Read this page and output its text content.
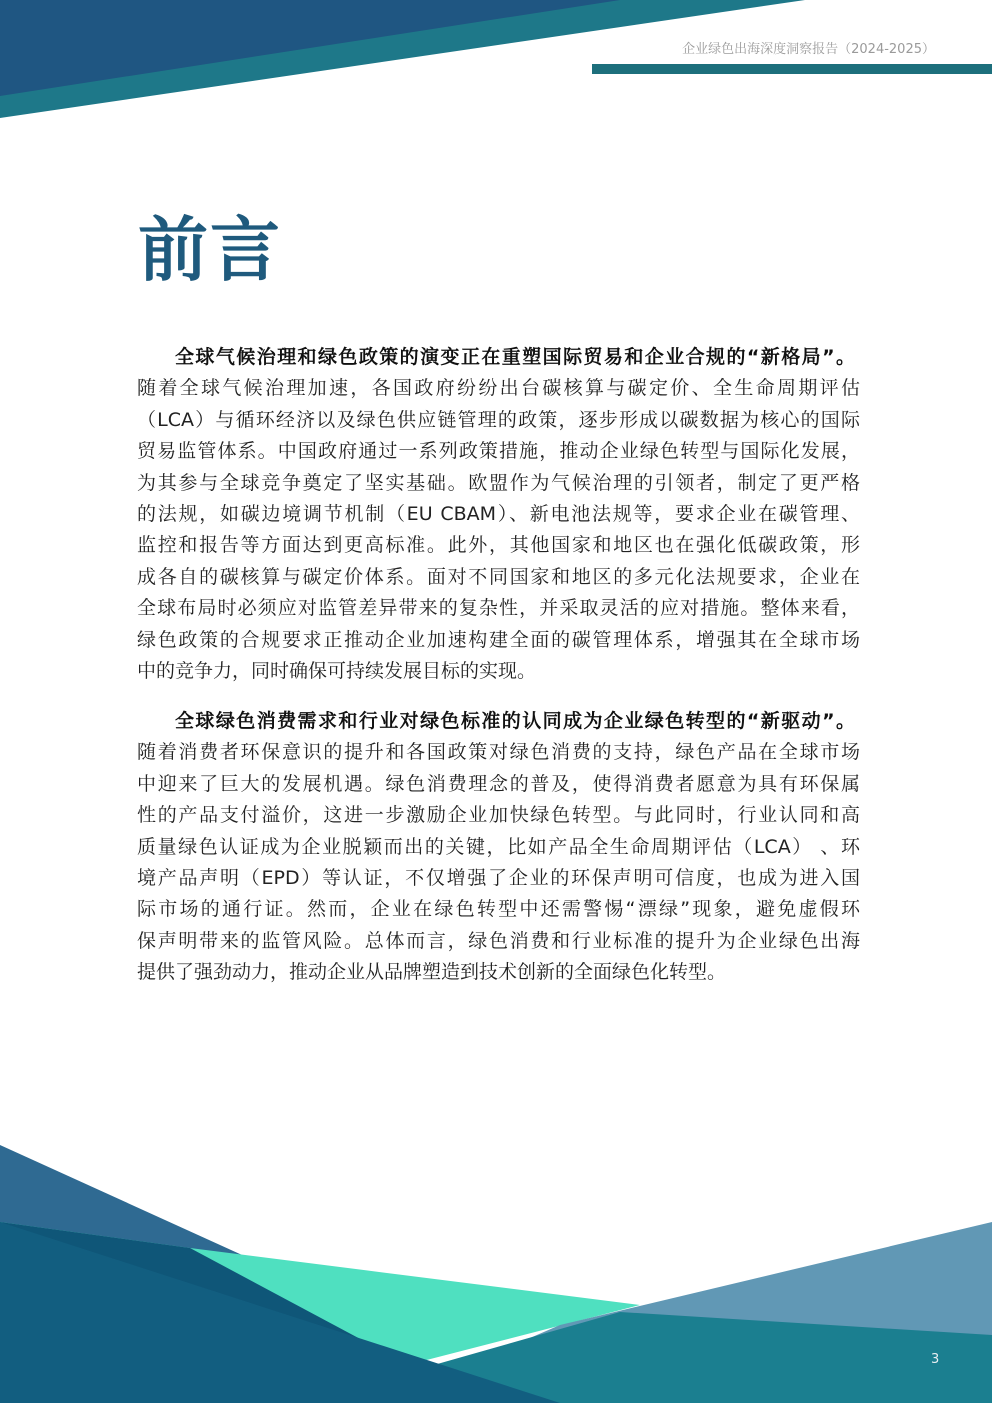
企业绿色出海深度洞察报告（2024-2025）
前言
全球气候治理和绿色政策的演变正在重塑国际贸易和企业合规的“新格局”。
随着全球气候治理加速，各国政府纷纷出台碳核算与碳定价、全生命周期评估
（LCA）与循环经济以及绿色供应链管理的政策，逐步形成以碳数据为核心的国际
贸易监管体系。中国政府通过一系列政策措施，推动企业绿色转型与国际化发展，
为其参与全球竞争奠定了坚实基础。欧盟作为气候治理的引领者，制定了更严格
的法规，如碳边境调节机制（EU CBAM）、新电池法规等，要求企业在碳管理、
监控和报告等方面达到更高标准。此外，其他国家和地区也在强化低碳政策，形
成各自的碳核算与碳定价体系。面对不同国家和地区的多元化法规要求，企业在
全球布局时必须应对监管差异带来的复杂性，并采取灵活的应对措施。整体来看，
绿色政策的合规要求正推动企业加速构建全面的碳管理体系，增强其在全球市场
中的竞争力，同时确保可持续发展目标的实现。
全球绿色消费需求和行业对绿色标准的认同成为企业绿色转型的“新驱动”。
随着消费者环保意识的提升和各国政策对绿色消费的支持，绿色产品在全球市场
中迎来了巨大的发展机遇。绿色消费理念的普及，使得消费者愿意为具有环保属
性的产品支付溢价，这进一步激励企业加快绿色转型。与此同时，行业认同和高
质量绿色认证成为企业脱颖而出的关键，比如产品全生命周期评估（LCA） 、环
境产品声明（EPD）等认证，不仅增强了企业的环保声明可信度，也成为进入国
际市场的通行证。然而，企业在绿色转型中还需警惕“漂绿”现象，避免虚假环
保声明带来的监管风险。总体而言，绿色消费和行业标准的提升为企业绿色出海
提供了强劲动力，推动企业从品牌塑造到技术创新的全面绿色化转型。
3
